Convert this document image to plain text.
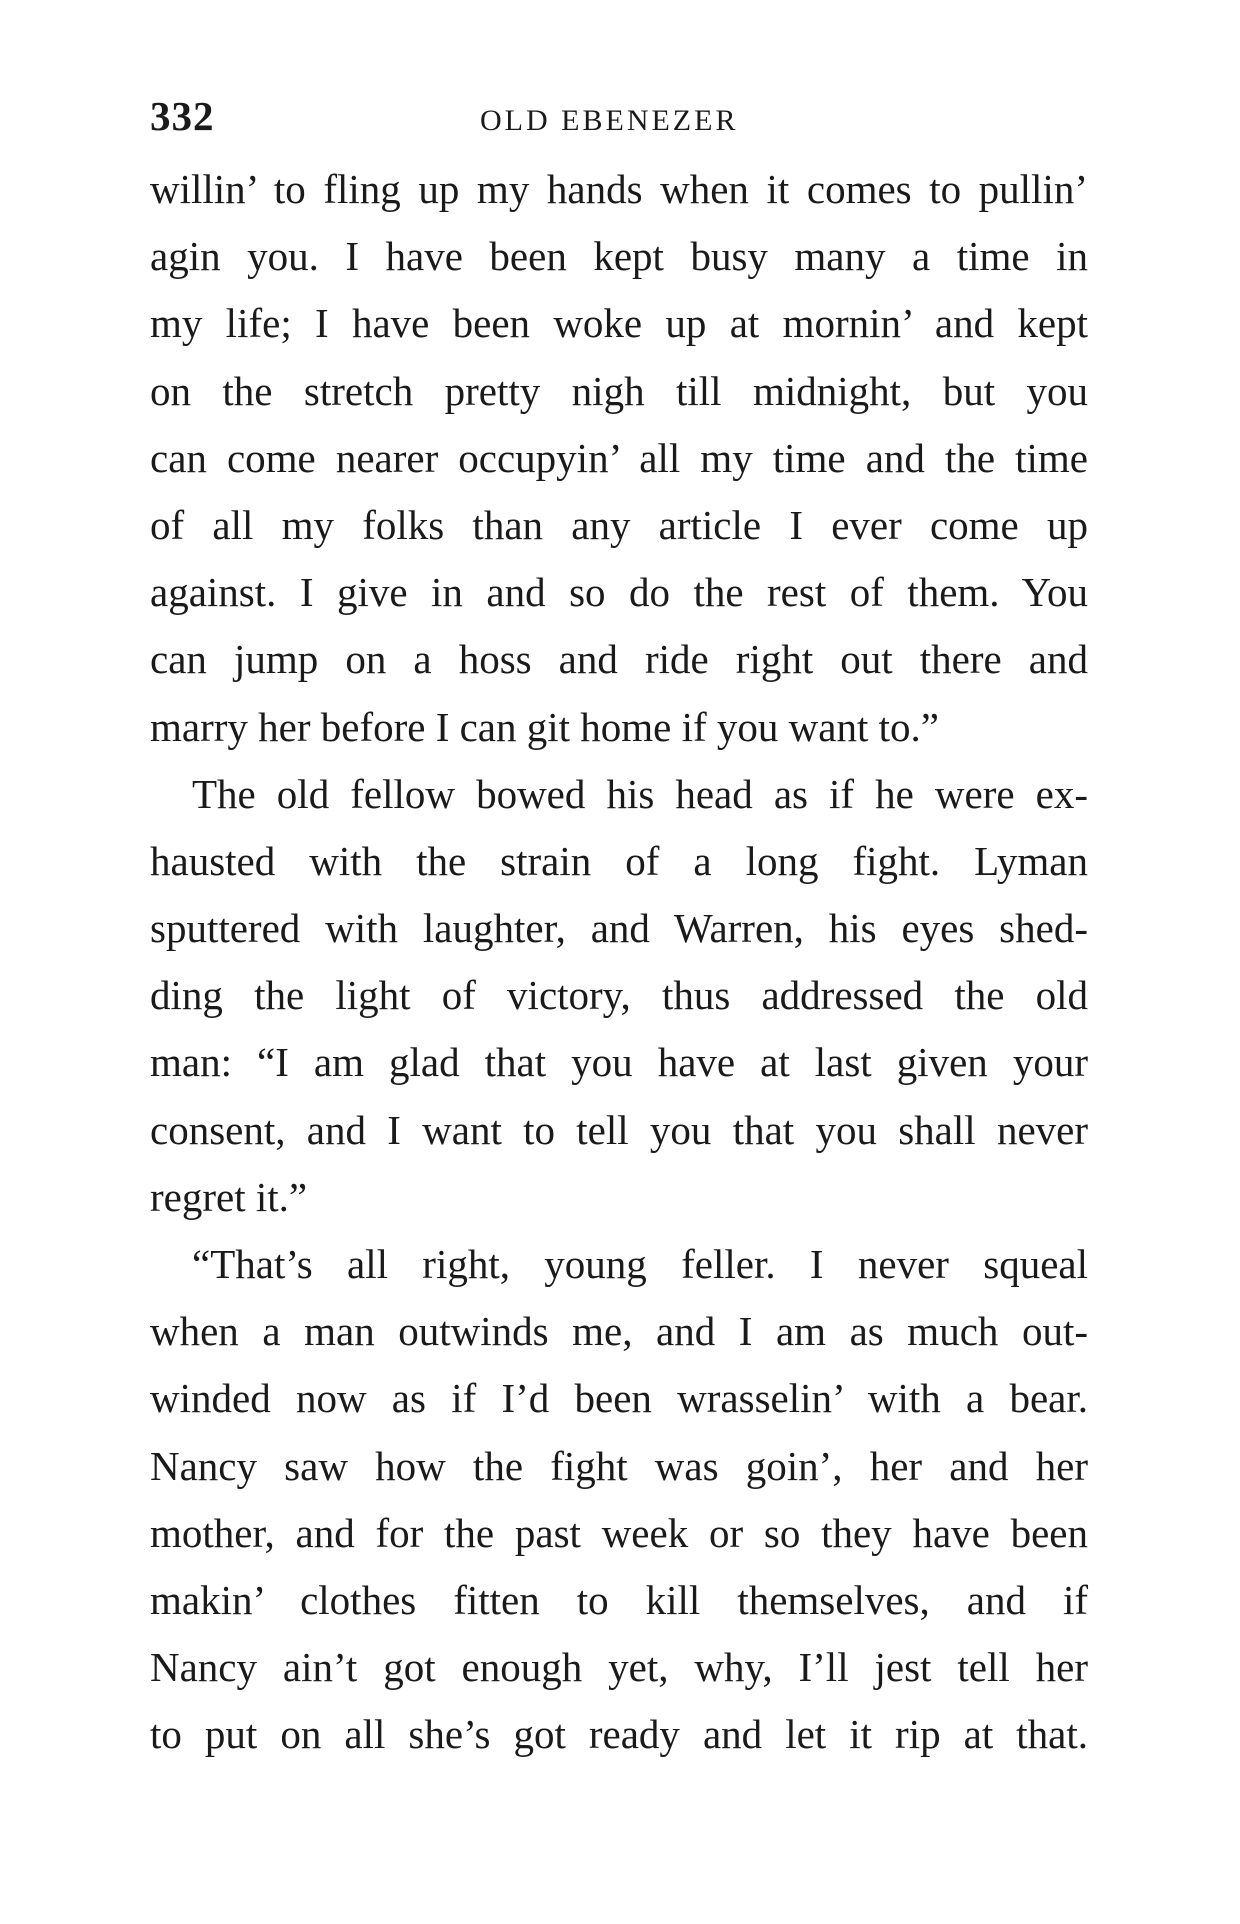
332	OLD EBENEZER
willin’ to fling up my hands when it comes to pullin’
agin you. I have been kept busy many a time in
my life; I have been woke up at mornin’ and kept
on the stretch pretty nigh till midnight, but you
can come nearer occupyin’ all my time and the time
of all my folks than any article I ever come up
against. I give in and so do the rest of them. You
can jump on a hoss and ride right out there and
marry her before I can git home if you want to.”
The old fellow bowed his head as if he were ex-
hausted with the strain of a long fight. Lyman
sputtered with laughter, and Warren, his eyes shed-
ding the light of victory, thus addressed the old
man: “I am glad that you have at last given your
consent, and I want to tell you that you shall never
regret it.”
“That’s all right, young feller. I never squeal
when a man outwinds me, and I am as much out-
winded now as if I’d been wrasselin’ with a bear.
Nancy saw how the fight was goin’, her and her
mother, and for the past week or so they have been
makin’ clothes fitten to kill themselves, and if
Nancy ain’t got enough yet, why, I’ll jest tell her
to put on all she’s got ready and let it rip at that.
